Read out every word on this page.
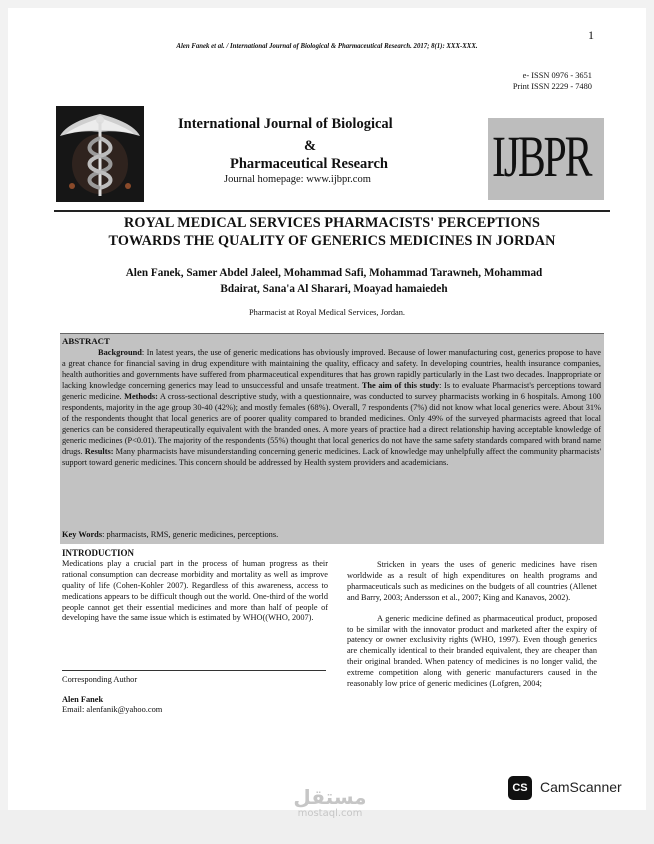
1
Alen Fanek et al. / International Journal of Biological & Pharmaceutical Research. 2017; 8(1): XXX-XXX.
e- ISSN 0976 - 3651
Print ISSN 2229 - 7480
International Journal of Biological
&
Pharmaceutical Research
Journal homepage: www.ijbpr.com IJBPR
ROYAL MEDICAL SERVICES PHARMACISTS' PERCEPTIONS
TOWARDS THE QUALITY OF GENERICS MEDICINES IN JORDAN
Alen Fanek, Samer Abdel Jaleel, Mohammad Safi, Mohammad Tarawneh, Mohammad
Bdairat, Sana'a Al Sharari, Moayad hamaiedeh
Pharmacist at Royal Medical Services, Jordan.
ABSTRACT
Background: In latest years, the use of generic medications has obviously improved. Because of lower manufacturing cost, generics propose to have a great chance for financial saving in drug expenditure with maintaining the quality, efficacy and safety. In developing countries, health insurance companies, health authorities and governments have suffered from pharmaceutical expenditures that has grown rapidly particularly in the Last two decades. Inappropriate or lacking knowledge concerning generics may lead to unsuccessful and unsafe treatment. The aim of this study: Is to evaluate Pharmacist's perceptions toward generic medicine. Methods: A cross-sectional descriptive study, with a questionnaire, was conducted to survey pharmacists working in 6 hospitals. Among 100 respondents, majority in the age group 30-40 (42%); and mostly females (68%). Overall, 7 respondents (7%) did not know what local generics were. About 31% of the respondents thought that local generics are of poorer quality compared to branded medicines. Only 49% of the surveyed pharmacists agreed that local generics can be considered therapeutically equivalent with the branded ones. A more years of practice had a direct relationship having acceptable knowledge of generic medicines (P<0.01). The majority of the respondents (55%) thought that local generics do not have the same safety standards compared with brand name drugs. Results: Many pharmacists have misunderstanding concerning generic medicines. Lack of knowledge may unhelpfully affect the community pharmacists' support toward generic medicines. This concern should be addressed by Health system providers and academicians.
Key Words: pharmacists, RMS, generic medicines, perceptions.
INTRODUCTION
Medications play a crucial part in the process of human progress as their rational consumption can decrease morbidity and mortality as well as improve quality of life (Cohen-Kohler 2007). Regardless of this awareness, access to medications appears to be difficult though out the world. One-third of the world people cannot get their essential medicines and more than half of people of developing have the same issue which is estimated by WHO((WHO, 2007).
Corresponding Author
Alen Fanek
Email: alenfanik@yahoo.com
Stricken in years the uses of generic medicines have risen worldwide as a result of high expenditures on health programs and pharmaceuticals such as medicines on the budgets of all countries (Allenet and Barry, 2003; Andersson et al., 2007; King and Kanavos, 2002).
A generic medicine defined as pharmaceutical product, proposed to be similar with the innovator product and marketed after the expiry of patency or owner exclusivity rights (WHO, 1997). Even though generics are chemically identical to their branded equivalent, they are cheaper than their original branded. When patency of medicines is no longer valid, the extreme competition along with generic manufacturers caused in the reasonably low price of generic medicines (Lofgren, 2004;
CS CamScanner
مستقل
mostaql.com
